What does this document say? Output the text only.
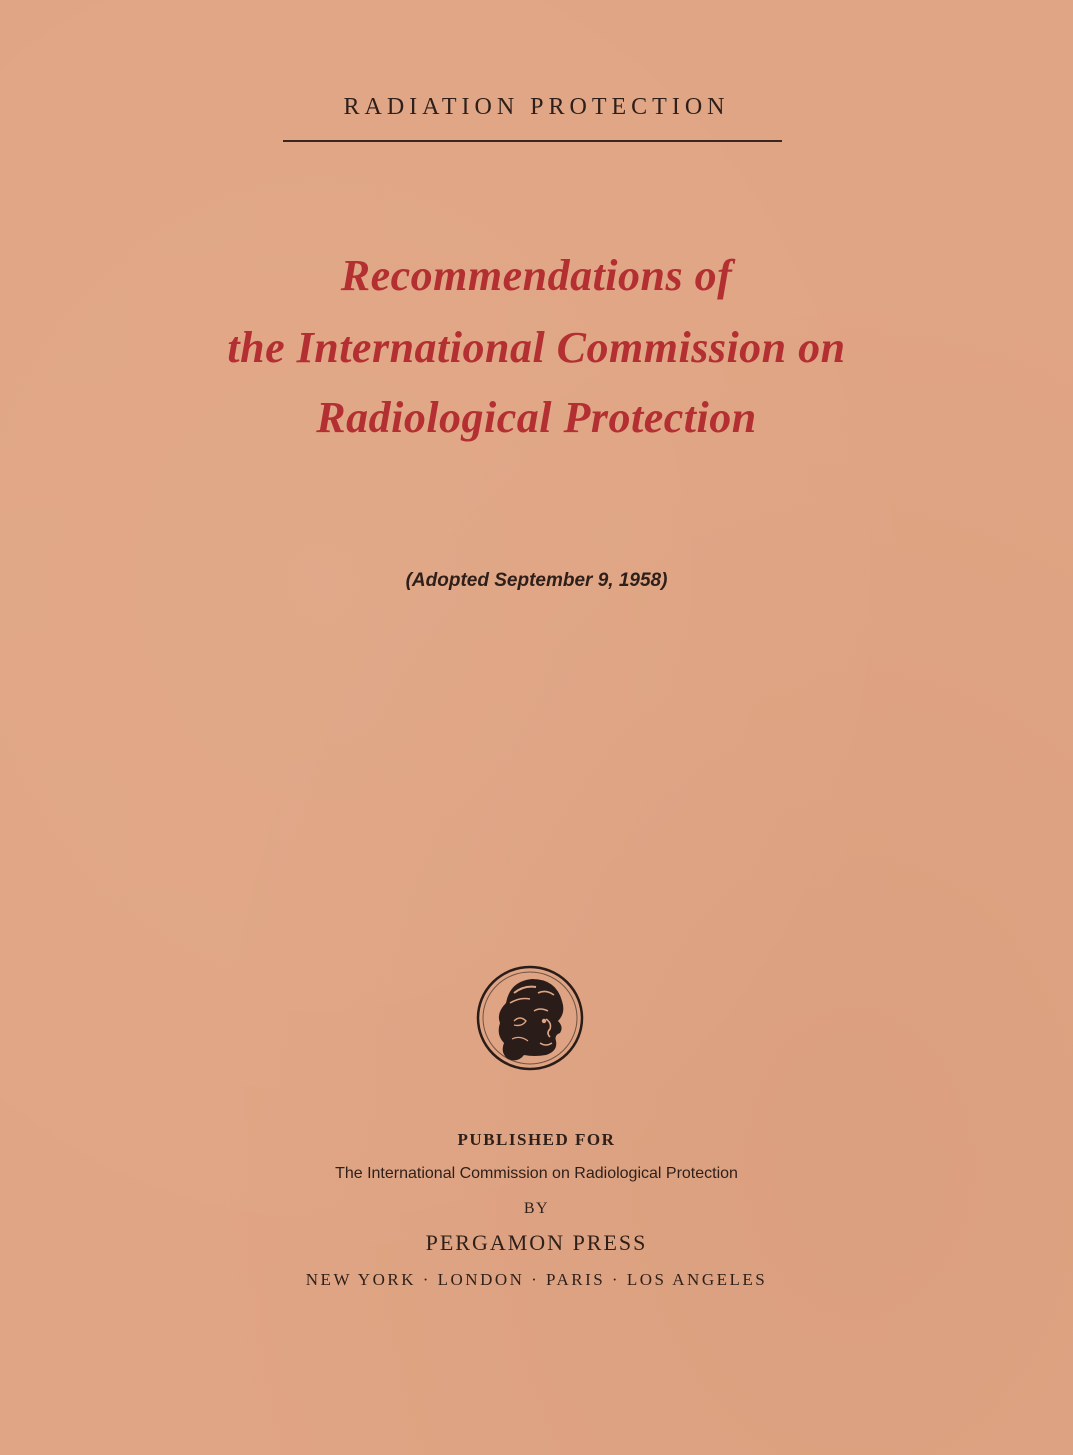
RADIATION PROTECTION
Recommendations of
the International Commission on
Radiological Protection
(Adopted September 9, 1958)
PUBLISHED FOR
The International Commission on Radiological Protection
BY
PERGAMON PRESS
NEW YORK · LONDON · PARIS · LOS ANGELES
